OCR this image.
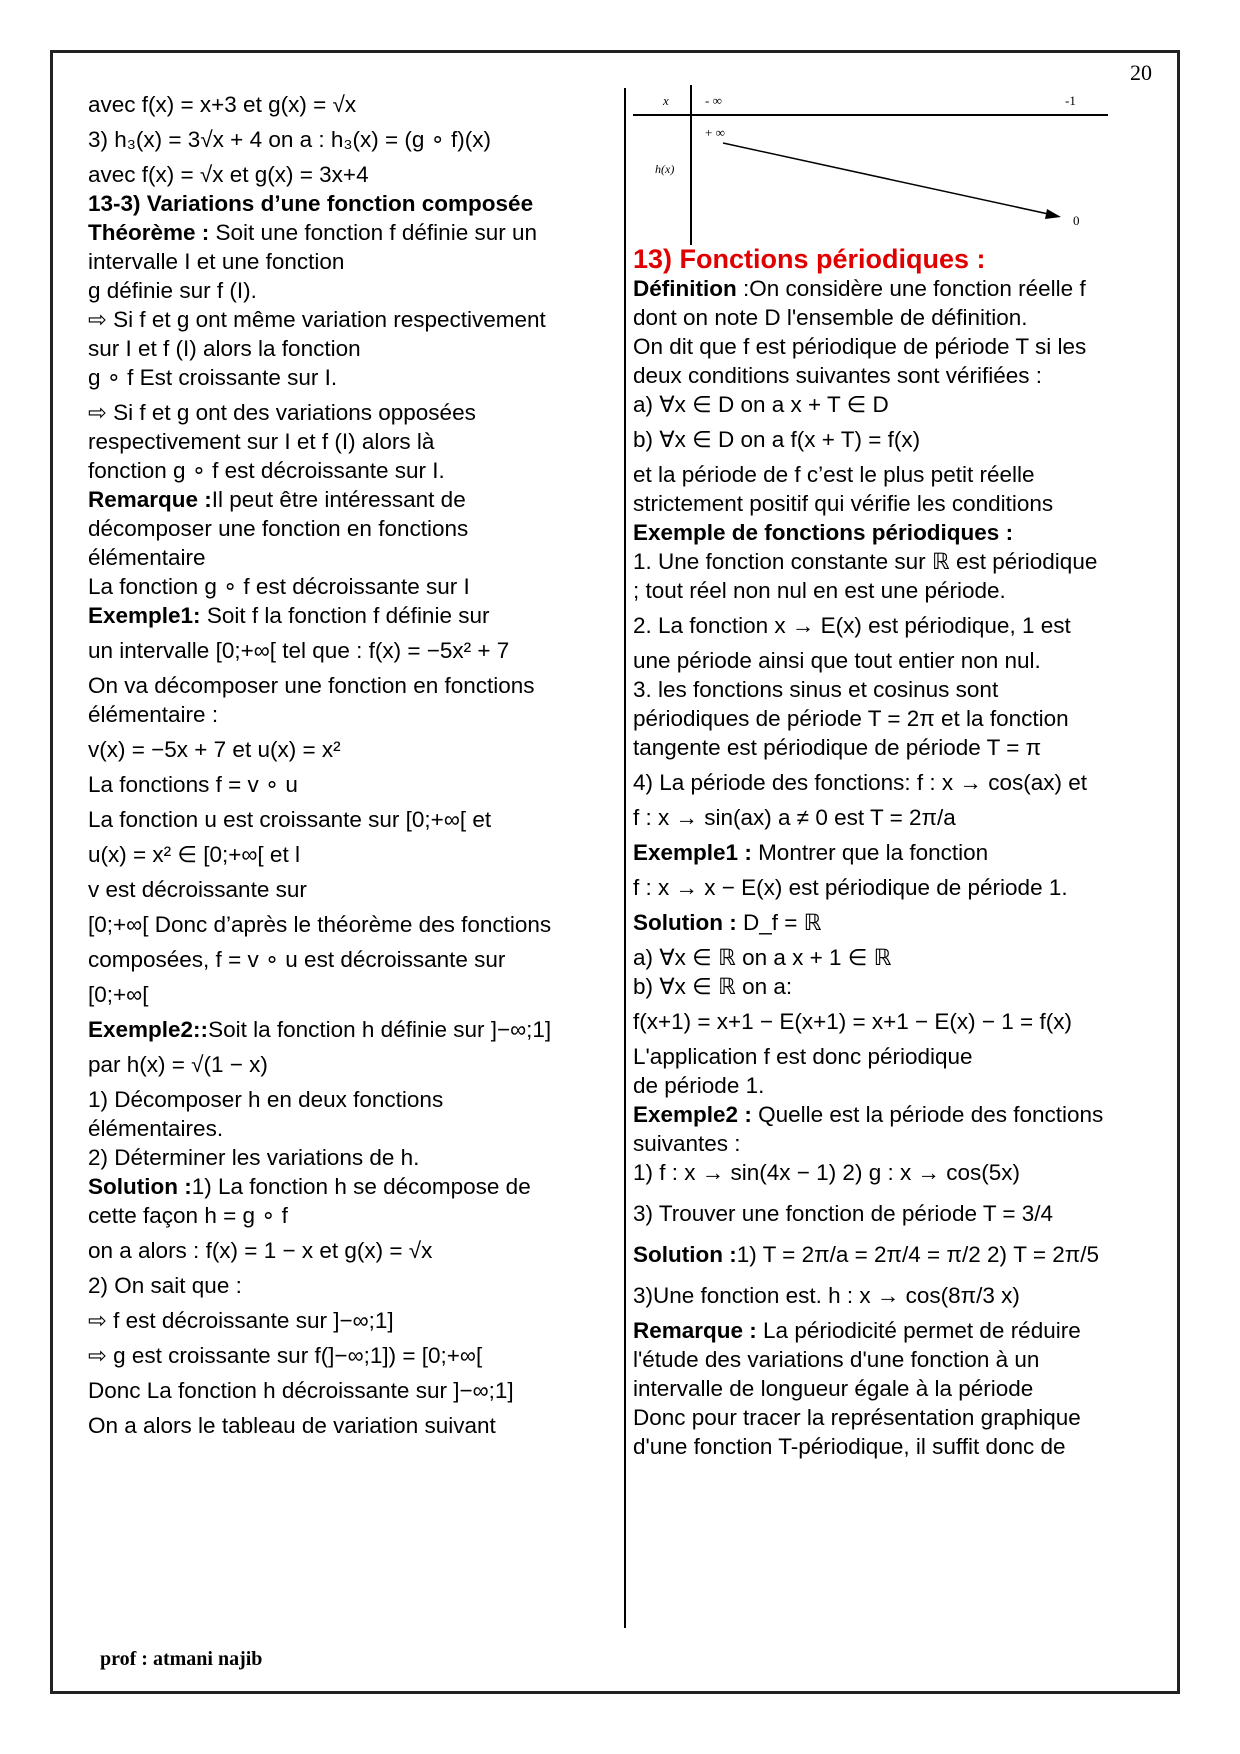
20

avec f(x) = x+3 et g(x) = √x

3) h₃(x) = 3√x + 4 on a : h₃(x) = (g ∘ f)(x)

avec f(x) = √x et g(x) = 3x+4

13-3) Variations d’une fonction composée

Théorème : Soit une fonction f définie sur un

intervalle I et une fonction

g définie sur f (I).

⇨ Si f et g ont même variation respectivement

sur I et f (I) alors la fonction

g ∘ f Est croissante sur I.

⇨ Si f et g ont des variations opposées

respectivement sur I et f (I) alors là

fonction g ∘ f est décroissante sur I.

Remarque :Il peut être intéressant de

décomposer une fonction en fonctions

élémentaire

La fonction g ∘ f est décroissante sur I

Exemple1: Soit f la fonction f définie sur

un intervalle [0;+∞[ tel que : f(x) = −5x² + 7

On va décomposer une fonction en fonctions

élémentaire :

v(x) = −5x + 7 et u(x) = x²

La fonctions f = v ∘ u

La fonction u est croissante sur [0;+∞[ et

u(x) = x² ∈ [0;+∞[ et l

v est décroissante sur

[0;+∞[ Donc d’après le théorème des fonctions

composées, f = v ∘ u est décroissante sur

[0;+∞[

Exemple2::Soit la fonction h définie sur ]−∞;1]

par h(x) = √(1 − x)

1) Décomposer h en deux fonctions

élémentaires.

2) Déterminer les variations de h.

Solution :1) La fonction h se décompose de

cette façon h = g ∘ f

on a alors : f(x) = 1 − x et g(x) = √x

2) On sait que :

⇨ f est décroissante sur ]−∞;1]

⇨ g est croissante sur f(]−∞;1]) = [0;+∞[

Donc La fonction h décroissante sur ]−∞;1]

On a alors le tableau de variation suivant

x	- ∞	-1
h(x)
+ ∞
0

13) Fonctions périodiques :

Définition :On considère une fonction réelle f

dont on note D l'ensemble de définition.

On dit que f est périodique de période T si les

deux conditions suivantes sont vérifiées :

a) ∀x ∈ D on a x + T ∈ D

b) ∀x ∈ D on a f(x + T) = f(x)

et la période de f c’est le plus petit réelle

strictement positif qui vérifie les conditions

Exemple de fonctions périodiques :

1. Une fonction constante sur ℝ est périodique

; tout réel non nul en est une période.

2. La fonction x → E(x) est périodique, 1 est

une période ainsi que tout entier non nul.

3. les fonctions sinus et cosinus sont

périodiques de période T = 2π et la fonction

tangente est périodique de période T = π

4) La période des fonctions: f : x → cos(ax) et

f : x → sin(ax) a ≠ 0 est T = 2π/a

Exemple1 : Montrer que la fonction

f : x → x − E(x) est périodique de période 1.

Solution : D_f = ℝ

a) ∀x ∈ ℝ on a x + 1 ∈ ℝ

b) ∀x ∈ ℝ on a:

f(x+1) = x+1 − E(x+1) = x+1 − E(x) − 1 = f(x)

L'application f est donc périodique

de période 1.

Exemple2 : Quelle est la période des fonctions

suivantes :

1) f : x → sin(4x − 1) 2) g : x → cos(5x)

3) Trouver une fonction de période T = 3/4

Solution :1) T = 2π/a = 2π/4 = π/2 2) T = 2π/5

3)Une fonction est. h : x → cos(8π/3 x)

Remarque : La périodicité permet de réduire

l'étude des variations d'une fonction à un

intervalle de longueur égale à la période

Donc pour tracer la représentation graphique

d'une fonction T-périodique, il suffit donc de

prof : atmani najib
